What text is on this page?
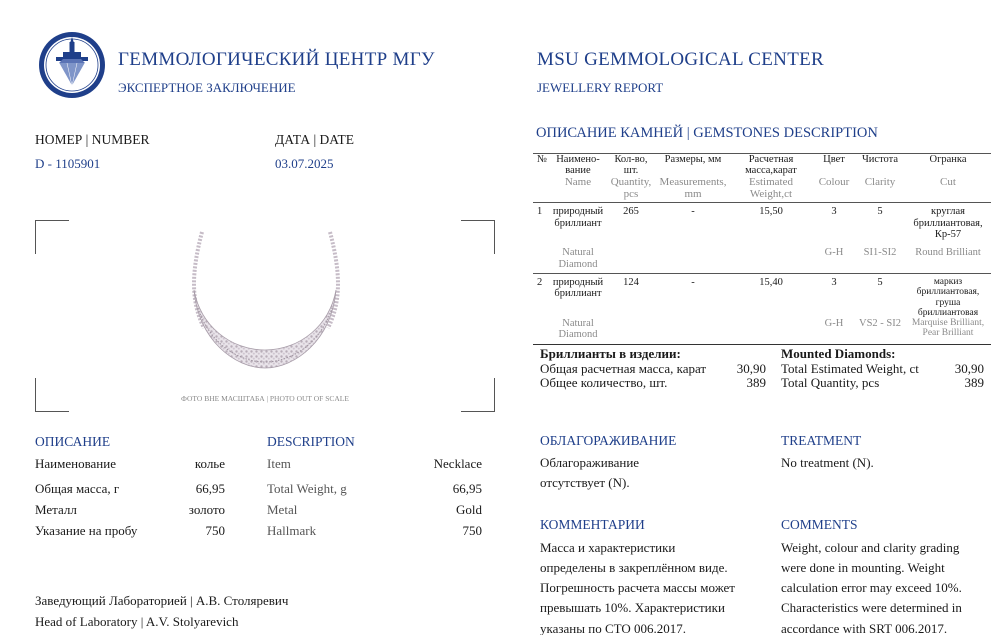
ГЕММОЛОГИЧЕСКИЙ ЦЕНТР МГУ
ЭКСПЕРТНОЕ ЗАКЛЮЧЕНИЕ
MSU GEMMOLOGICAL CENTER
JEWELLERY REPORT
НОМЕР | NUMBER
D - 1105901
ДАТА | DATE
03.07.2025
ФОТО ВНЕ МАСШТАБА | PHOTO OUT OF SCALE
ОПИСАНИЕ	DESCRIPTION
Наименование	колье
Общая масса, г	66,95
Металл	золото
Указание на пробу	750
Item	Necklace
Total Weight, g	66,95
Metal	Gold
Hallmark	750
Заведующий Лабораторией | А.В. Столяревич
Head of Laboratory | A.V. Stolyarevich
ОПИСАНИЕ КАМНЕЙ | GEMSTONES DESCRIPTION

№	Наимено-вание	Кол-во, шт.	Размеры, мм	Расчетная масса,карат	Цвет	Чистота	Огранка
	Name	Quantity, pcs	Measurements, mm	Estimated Weight,ct	Colour	Clarity	Cut

1	природный бриллиант	265	-	15,50	3	5	круглая бриллиантовая, Кр-57
	Natural Diamond				G-H	SI1-SI2	Round Brilliant

2	природный бриллиант	124	-	15,40	3	5	маркиз бриллиантовая, груша бриллиантовая
	Natural Diamond				G-H	VS2 - SI2	Marquise Brilliant, Pear Brilliant

Бриллианты в изделии:
Общая расчетная масса, карат	30,90
Общее количество, шт.	389
Mounted Diamonds:
Total Estimated Weight, ct	30,90
Total Quantity, pcs	389
ОБЛАГОРАЖИВАНИЕ
Облагораживание
отсутствует (N).
TREATMENT
No treatment (N).
КОММЕНТАРИИ
Масса и характеристики
определены в закреплённом виде.
Погрешность расчета массы может
превышать 10%. Характеристики
указаны по СТО 006.2017.
COMMENTS
Weight, colour and clarity grading
were done in mounting. Weight
calculation error may exceed 10%.
Characteristics were determined in
accordance with SRT 006.2017.
